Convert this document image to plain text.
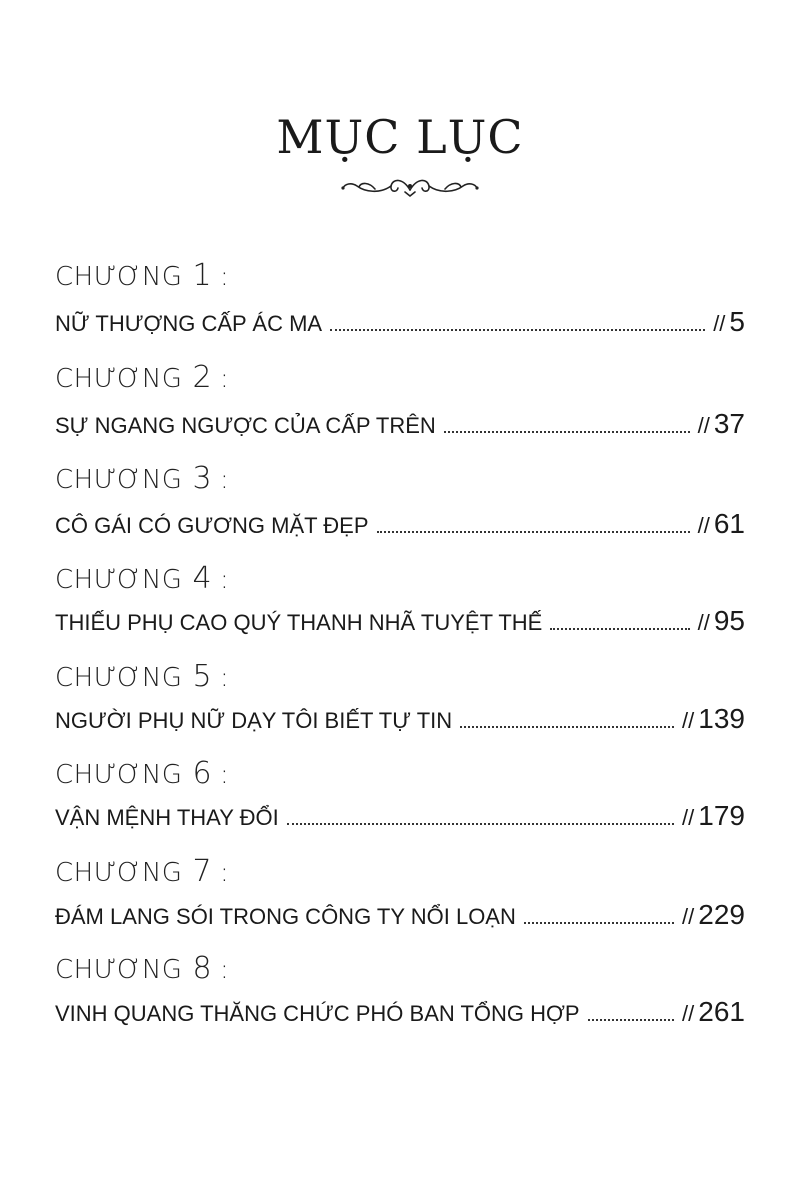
MỤC LỤC
CHƯƠNG 1 :
NỮ THƯỢNG CẤP ÁC MA	// 5
CHƯƠNG 2 :
SỰ NGANG NGƯỢC CỦA CẤP TRÊN	// 37
CHƯƠNG 3 :
CÔ GÁI CÓ GƯƠNG MẶT ĐẸP	// 61
CHƯƠNG 4 :
THIẾU PHỤ CAO QUÝ THANH NHÃ TUYỆT THẾ	// 95
CHƯƠNG 5 :
NGƯỜI PHỤ NỮ DẠY TÔI BIẾT TỰ TIN	// 139
CHƯƠNG 6 :
VẬN MỆNH THAY ĐỔI	// 179
CHƯƠNG 7 :
ĐÁM LANG SÓI TRONG CÔNG TY NỔI LOẠN	// 229
CHƯƠNG 8 :
VINH QUANG THĂNG CHỨC PHÓ BAN TỔNG HỢP	// 261
